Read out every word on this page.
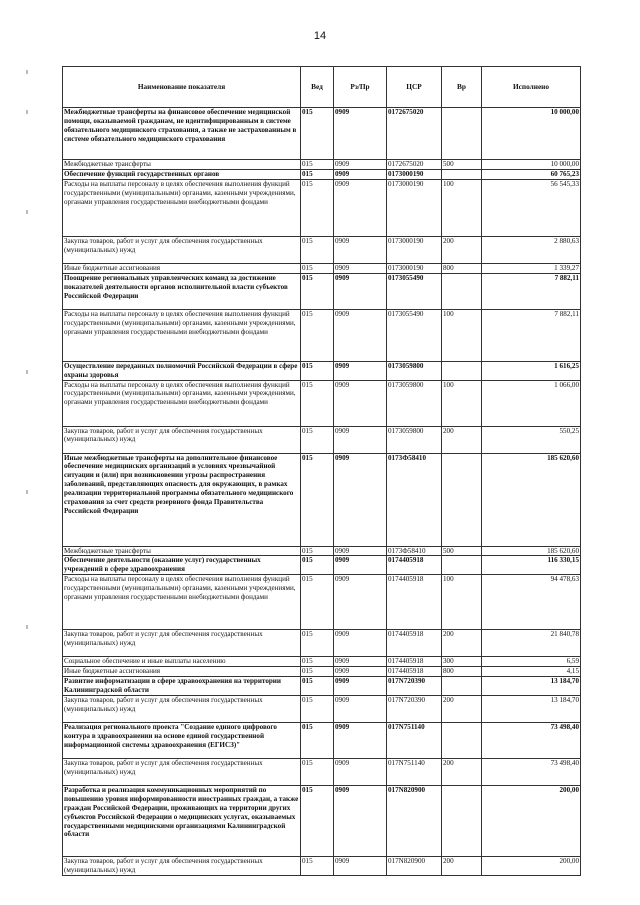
14
Наименование показателя	Вед	Рз/Пр	ЦСР	Вр	Исполнено
Межбюджетные трансферты на финансовое обеспечение медицинской помощи, оказываемой гражданам, не идентифицированным в системе обязательного медицинского страхования, а также не застрахованным в системе обязательного медицинского страхования	015	0909	0172675020		10 000,00
Межбюджетные трансферты	015	0909	0172675020	500	10 000,00
Обеспечение функций государственных органов	015	0909	0173000190		60 765,23
Расходы на выплаты персоналу в целях обеспечения выполнения функций государственными (муниципальными) органами, казенными учреждениями, органами управления государственными внебюджетными фондами	015	0909	0173000190	100	56 545,33
Закупка товаров, работ и услуг для обеспечения государственных (муниципальных) нужд	015	0909	0173000190	200	2 880,63
Иные бюджетные ассигнования	015	0909	0173000190	800	1 339,27
Поощрение региональных управленческих команд за достижение показателей деятельности органов исполнительной власти субъектов Российской Федерации	015	0909	0173055490		7 882,11
Расходы на выплаты персоналу в целях обеспечения выполнения функций государственными (муниципальными) органами, казенными учреждениями, органами управления государственными внебюджетными фондами	015	0909	0173055490	100	7 882,11
Осуществление переданных полномочий Российской Федерации в сфере охраны здоровья	015	0909	0173059800		1 616,25
Расходы на выплаты персоналу в целях обеспечения выполнения функций государственными (муниципальными) органами, казенными учреждениями, органами управления государственными внебюджетными фондами	015	0909	0173059800	100	1 066,00
Закупка товаров, работ и услуг для обеспечения государственных (муниципальных) нужд	015	0909	0173059800	200	550,25
Иные межбюджетные трансферты на дополнительное финансовое обеспечение медицинских организаций в условиях чрезвычайной ситуации и (или) при возникновении угрозы распространения заболеваний, представляющих опасность для окружающих, в рамках реализации территориальной программы обязательного медицинского страхования за счет средств резервного фонда Правительства Российской Федерации	015	0909	0173Ф58410		185 620,60
Межбюджетные трансферты	015	0909	0173Ф58410	500	185 620,60
Обеспечение деятельности (оказание услуг) государственных учреждений в сфере здравоохранения	015	0909	0174405918		116 330,15
Расходы на выплаты персоналу в целях обеспечения выполнения функций государственными (муниципальными) органами, казенными учреждениями, органами управления государственными внебюджетными фондами	015	0909	0174405918	100	94 478,63
Закупка товаров, работ и услуг для обеспечения государственных (муниципальных) нужд	015	0909	0174405918	200	21 840,78
Социальное обеспечение и иные выплаты населению	015	0909	0174405918	300	6,59
Иные бюджетные ассигнования	015	0909	0174405918	800	4,15
Развитие информатизации в сфере здравоохранения на территории Калининградской области	015	0909	017N720390		13 184,70
Закупка товаров, работ и услуг для обеспечения государственных (муниципальных) нужд	015	0909	017N720390	200	13 184,70
Реализация регионального проекта "Создание единого цифрового контура в здравоохранении на основе единой государственной информационной системы здравоохранения (ЕГИСЗ)"	015	0909	017N751140		73 498,40
Закупка товаров, работ и услуг для обеспечения государственных (муниципальных) нужд	015	0909	017N751140	200	73 498,40
Разработка и реализация коммуникационных мероприятий по повышению уровня информированности иностранных граждан, а также граждан Российской Федерации, проживающих на территории других субъектов Российской Федерации о медицинских услугах, оказываемых государственными медицинскими организациями Калининградской области	015	0909	017N820900		200,00
Закупка товаров, работ и услуг для обеспечения государственных (муниципальных) нужд	015	0909	017N820900	200	200,00
